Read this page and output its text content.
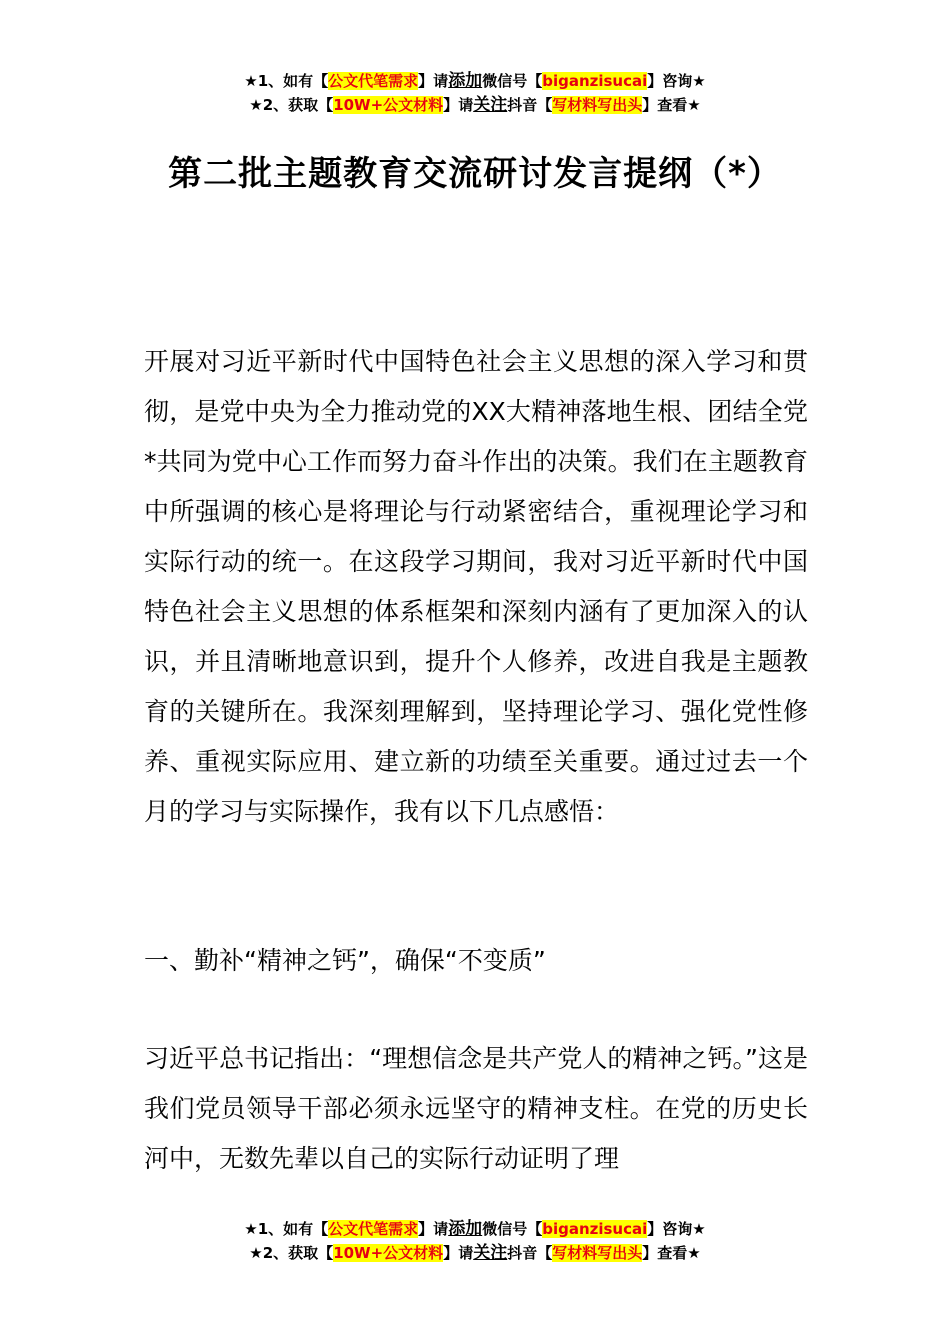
★1、如有【公文代笔需求】请添加微信号【biganzisucai】咨询★
★2、获取【10W+公文材料】请关注抖音【写材料写出头】查看★
第二批主题教育交流研讨发言提纲（*）
开展对习近平新时代中国特色社会主义思想的深入学习和贯彻，是党中央为全力推动党的XX大精神落地生根、团结全党*共同为党中心工作而努力奋斗作出的决策。我们在主题教育中所强调的核心是将理论与行动紧密结合，重视理论学习和实际行动的统一。在这段学习期间，我对习近平新时代中国特色社会主义思想的体系框架和深刻内涵有了更加深入的认识，并且清晰地意识到，提升个人修养，改进自我是主题教育的关键所在。我深刻理解到，坚持理论学习、强化党性修养、重视实际应用、建立新的功绩至关重要。通过过去一个月的学习与实际操作，我有以下几点感悟：
一、勤补“精神之钙”，确保“不变质”
习近平总书记指出：“理想信念是共产党人的精神之钙。”这是我们党员领导干部必须永远坚守的精神支柱。在党的历史长河中，无数先辈以自己的实际行动证明了理
★1、如有【公文代笔需求】请添加微信号【biganzisucai】咨询★
★2、获取【10W+公文材料】请关注抖音【写材料写出头】查看★
